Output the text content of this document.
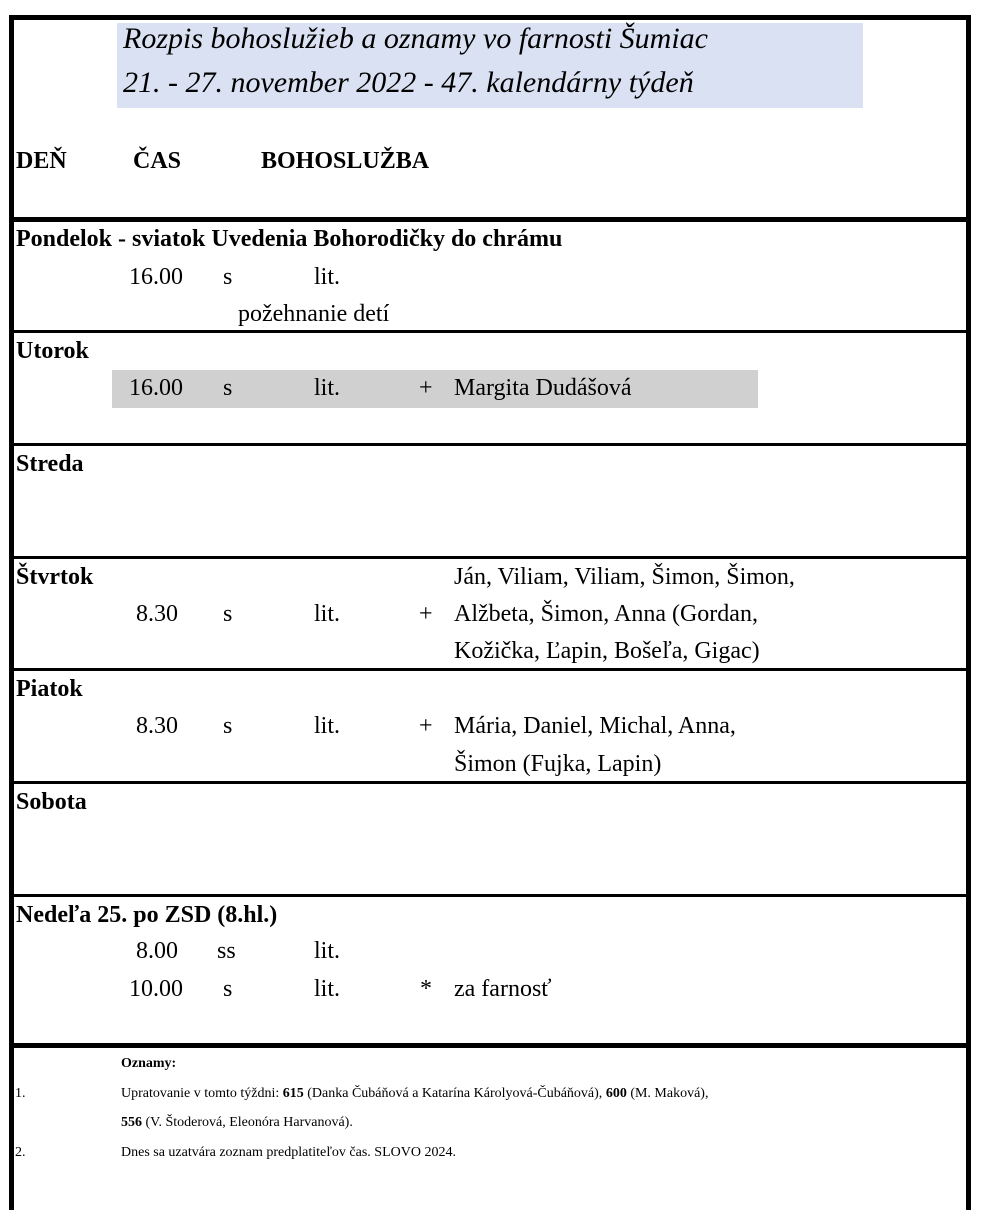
Rozpis bohoslužieb a oznamy vo farnosti Šumiac
21. - 27. november 2022 - 47. kalendárny týdeň
DEŇ	ČAS	BOHOSLUŽBA
Pondelok - sviatok Uvedenia Bohorodičky do chrámu
16.00 s	lit.
požehnanie detí
Utorok
16.00 s	lit.	+ Margita Dudášová
Streda
Štvrtok	Ján, Viliam, Viliam, Šimon, Šimon,
8.30 s	lit.	+ Alžbeta, Šimon, Anna (Gordan,
Kožička, Ľapin, Bošeľa, Gigac)
Piatok
8.30 s	lit.	+ Mária, Daniel, Michal, Anna,
Šimon (Fujka, Lapin)
Sobota
Nedeľa 25. po ZSD (8.hl.)
8.00 ss	lit.
10.00 s	lit.	* za farnosť
Oznamy:
1.	Upratovanie v tomto týždni: 615 (Danka Čubáňová a Katarína Károlyová-Čubáňová), 600 (M. Maková),
556 (V. Štoderová, Eleonóra Harvanová).
2.	Dnes sa uzatvára zoznam predplatiteľov čas. SLOVO 2024.
